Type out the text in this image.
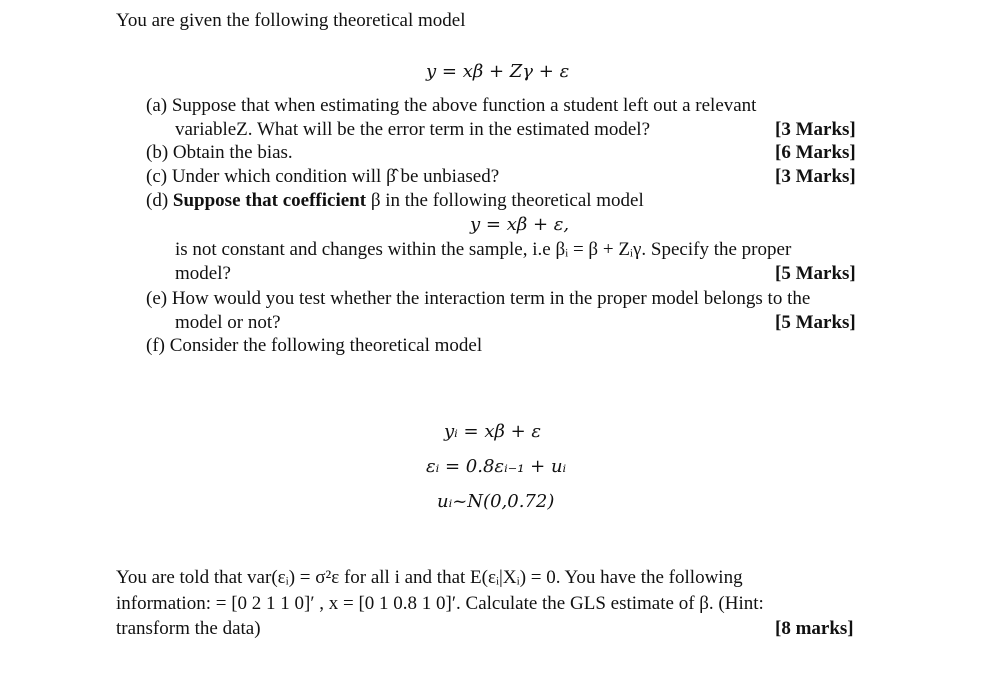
You are given the following theoretical model
y = xβ + Zγ + ε
(a) Suppose that when estimating the above function a student left out a relevant
variableZ. What will be the error term in the estimated model?	[3 Marks]
(b) Obtain the bias.	[6 Marks]
(c) Under which condition will β̂ be unbiased?	[3 Marks]
(d) Suppose that coefficient β in the following theoretical model
y = xβ + ε,
is not constant and changes within the sample, i.e βᵢ = β + Zᵢγ. Specify the proper
model?	[5 Marks]
(e) How would you test whether the interaction term in the proper model belongs to the
model or not?	[5 Marks]
(f) Consider the following theoretical model
yᵢ = xβ + ε
εᵢ = 0.8εᵢ₋₁ + uᵢ
uᵢ~N(0,0.72)
You are told that var(εᵢ) = σ²ε for all i and that E(εᵢ|Xᵢ) = 0. You have the following
information: = [0 2 1 1 0]′ , x = [0 1 0.8 1 0]′. Calculate the GLS estimate of β. (Hint:
transform the data)	[8 marks]
